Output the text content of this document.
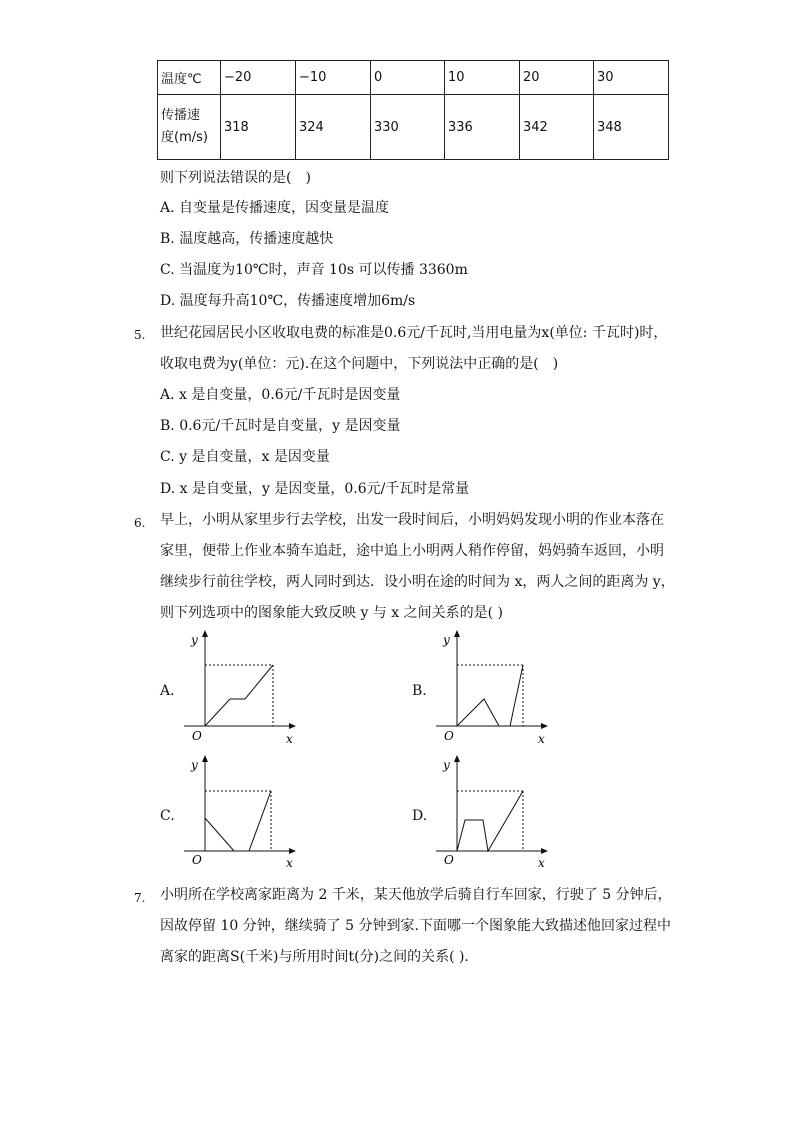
温度℃	−20	−10	0	10	20	30

传播速
度(m/s)	318	324	330	336	342	348
则下列说法错误的是(　)
A. 自变量是传播速度，因变量是温度
B. 温度越高，传播速度越快
C. 当温度为10℃时，声音 10s 可以传播 3360m
D. 温度每升高10℃，传播速度增加6m/s
5. 世纪花园居民小区收取电费的标准是0.6元/千瓦时,当用电量为x(单位: 千瓦时)时，
收取电费为y(单位：元).在这个问题中，下列说法中正确的是(　)
A. x 是自变量，0.6元/千瓦时是因变量
B. 0.6元/千瓦时是自变量，y 是因变量
C. y 是自变量，x 是因变量
D. x 是自变量，y 是因变量，0.6元/千瓦时是常量
6. 早上，小明从家里步行去学校，出发一段时间后，小明妈妈发现小明的作业本落在
家里，便带上作业本骑车追赶，途中追上小明两人稍作停留，妈妈骑车返回，小明
继续步行前往学校，两人同时到达．设小明在途的时间为 x，两人之间的距离为 y，
则下列选项中的图象能大致反映 y 与 x 之间关系的是( )
A.	B.
C.	D.
y
x
O
y
x
O
y
x
O
y
x
O
7. 小明所在学校离家距离为 2 千米，某天他放学后骑自行车回家，行驶了 5 分钟后，
因故停留 10 分钟，继续骑了 5 分钟到家.下面哪一个图象能大致描述他回家过程中
离家的距离S(千米)与所用时间t(分)之间的关系( ).
